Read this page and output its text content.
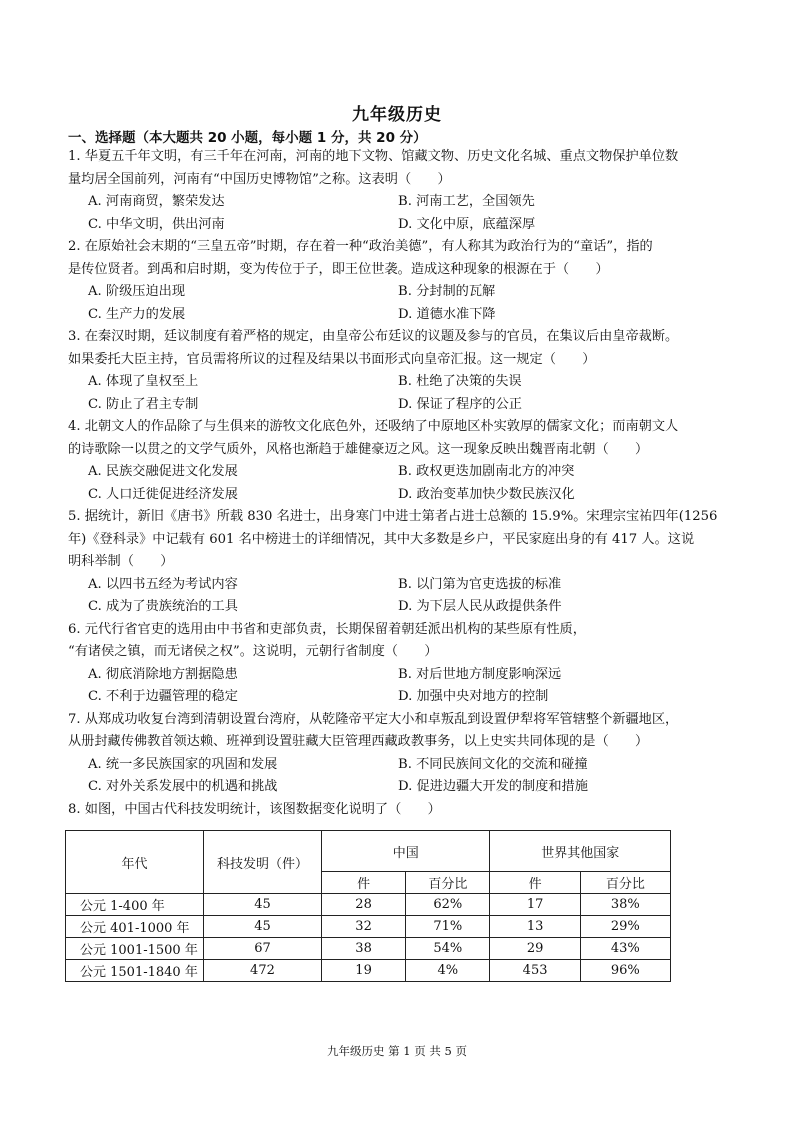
九年级历史
一、选择题（本大题共 20 小题，每小题 1 分，共 20 分）
1. 华夏五千年文明，有三千年在河南，河南的地下文物、馆藏文物、历史文化名城、重点文物保护单位数
量均居全国前列，河南有“中国历史博物馆”之称。这表明（　　）
A. 河南商贸，繁荣发达	B. 河南工艺，全国领先
C. 中华文明，供出河南	D. 文化中原，底蕴深厚
2. 在原始社会末期的“三皇五帝”时期，存在着一种“政治美德”，有人称其为政治行为的“童话”，指的
是传位贤者。到禹和启时期，变为传位于子，即王位世袭。造成这种现象的根源在于（　　）
A. 阶级压迫出现	B. 分封制的瓦解
C. 生产力的发展	D. 道德水准下降
3. 在秦汉时期，廷议制度有着严格的规定，由皇帝公布廷议的议题及参与的官员，在集议后由皇帝裁断。
如果委托大臣主持，官员需将所议的过程及结果以书面形式向皇帝汇报。这一规定（　　）
A. 体现了皇权至上	B. 杜绝了决策的失误
C. 防止了君主专制	D. 保证了程序的公正
4. 北朝文人的作品除了与生俱来的游牧文化底色外，还吸纳了中原地区朴实敦厚的儒家文化；而南朝文人
的诗歌除一以贯之的文学气质外，风格也渐趋于雄健豪迈之风。这一现象反映出魏晋南北朝（　　）
A. 民族交融促进文化发展	B. 政权更迭加剧南北方的冲突
C. 人口迁徙促进经济发展	D. 政治变革加快少数民族汉化
5. 据统计，新旧《唐书》所载 830 名进士，出身寒门中进士第者占进士总额的 15.9%。宋理宗宝祐四年(1256
年)《登科录》中记载有 601 名中榜进士的详细情况，其中大多数是乡户，平民家庭出身的有 417 人。这说
明科举制（　　）
A. 以四书五经为考试内容	B. 以门第为官吏选拔的标准
C. 成为了贵族统治的工具	D. 为下层人民从政提供条件
6. 元代行省官吏的选用由中书省和吏部负责，长期保留着朝廷派出机构的某些原有性质，
“有诸侯之镇，而无诸侯之权”。这说明，元朝行省制度（　　）
A. 彻底消除地方割据隐患	B. 对后世地方制度影响深远
C. 不利于边疆管理的稳定	D. 加强中央对地方的控制
7. 从郑成功收复台湾到清朝设置台湾府，从乾隆帝平定大小和卓叛乱到设置伊犁将军管辖整个新疆地区，
从册封藏传佛教首领达赖、班禅到设置驻藏大臣管理西藏政教事务，以上史实共同体现的是（　　）
A. 统一多民族国家的巩固和发展	B. 不同民族间文化的交流和碰撞
C. 对外关系发展中的机遇和挑战	D. 促进边疆大开发的制度和措施
8. 如图，中国古代科技发明统计，该图数据变化说明了（　　）
年代	科技发明（件）	中国		世界其他国家	
		件	百分比	件	百分比
公元 1-400 年	45	28	62%	17	38%
公元 401-1000 年	45	32	71%	13	29%
公元 1001-1500 年	67	38	54%	29	43%
公元 1501-1840 年	472	19	4%	453	96%
九年级历史 第 1 页 共 5 页
